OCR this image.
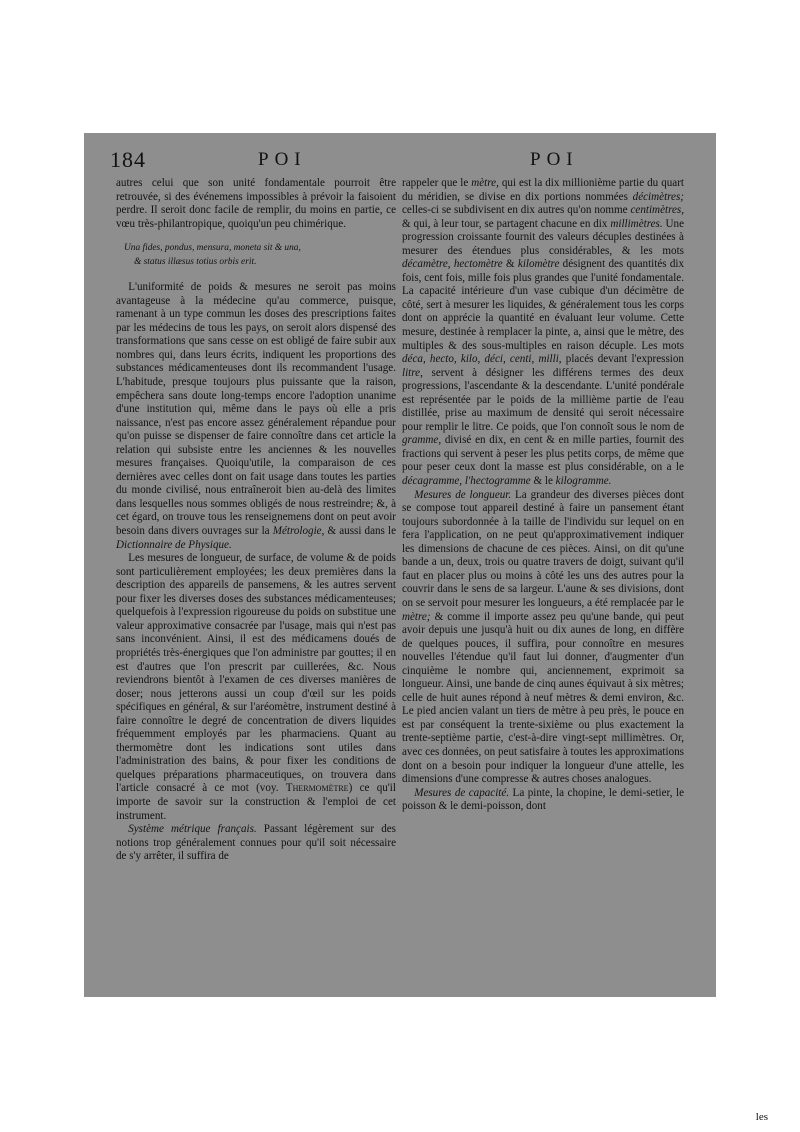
184	POI	POI

autres celui que son unité fondamentale pourroit être retrouvée, si des événemens impossibles à prévoir la faisoient perdre. Il seroit donc facile de remplir, du moins en partie, ce vœu très-philantropique, quoiqu'un peu chimérique.

Una fides, pondus, mensura, moneta sit & una,
& status illæsus totius orbis erit.

L'uniformité de poids & mesures ne seroit pas moins avantageuse à la médecine qu'au commerce, puisque, ramenant à un type commun les doses des prescriptions faites par les médecins de tous les pays, on seroit alors dispensé des transformations que sans cesse on est obligé de faire subir aux nombres qui, dans leurs écrits, indiquent les proportions des substances médicamenteuses dont ils recommandent l'usage. L'habitude, presque toujours plus puissante que la raison, empêchera sans doute long-temps encore l'adoption unanime d'une institution qui, même dans le pays où elle a pris naissance, n'est pas encore assez généralement répandue pour qu'on puisse se dispenser de faire connoître dans cet article la relation qui subsiste entre les anciennes & les nouvelles mesures françaises. Quoiqu'utile, la comparaison de ces dernières avec celles dont on fait usage dans toutes les parties du monde civilisé, nous entraîneroit bien au-delà des limites dans lesquelles nous sommes obligés de nous restreindre; &, à cet égard, on trouve tous les renseignemens dont on peut avoir besoin dans divers ouvrages sur la Métrologie, & aussi dans le Dictionnaire de Physique.

Les mesures de longueur, de surface, de volume & de poids sont particulièrement employées; les deux premières dans la description des appareils de pansemens, & les autres servent pour fixer les diverses doses des substances médicamenteuses; quelquefois à l'expression rigoureuse du poids on substitue une valeur approximative consacrée par l'usage, mais qui n'est pas sans inconvénient. Ainsi, il est des médicamens doués de propriétés très-énergiques que l'on administre par gouttes; il en est d'autres que l'on prescrit par cuillerées, &c. Nous reviendrons bientôt à l'examen de ces diverses manières de doser; nous jetterons aussi un coup d'œil sur les poids spécifiques en général, & sur l'aréomètre, instrument destiné à faire connoître le degré de concentration de divers liquides fréquemment employés par les pharmaciens. Quant au thermomètre dont les indications sont utiles dans l'administration des bains, & pour fixer les conditions de quelques préparations pharmaceutiques, on trouvera dans l'article consacré à ce mot (voy. Thermomètre) ce qu'il importe de savoir sur la construction & l'emploi de cet instrument.

Système métrique français. Passant légèrement sur des notions trop généralement connues pour qu'il soit nécessaire de s'y arrêter, il suffira de

rappeler que le mètre, qui est la dix millionième partie du quart du méridien, se divise en dix portions nommées décimètres; celles-ci se subdivisent en dix autres qu'on nomme centimètres, & qui, à leur tour, se partagent chacune en dix millimètres. Une progression croissante fournit des valeurs décuples destinées à mesurer des étendues plus considérables, & les mots décamètre, hectomètre & kilomètre désignent des quantités dix fois, cent fois, mille fois plus grandes que l'unité fondamentale. La capacité intérieure d'un vase cubique d'un décimètre de côté, sert à mesurer les liquides, & généralement tous les corps dont on apprécie la quantité en évaluant leur volume. Cette mesure, destinée à remplacer la pinte, a, ainsi que le mètre, des multiples & des sous-multiples en raison décuple. Les mots déca, hecto, kilo, déci, centi, milli, placés devant l'expression litre, servent à désigner les différens termes des deux progressions, l'ascendante & la descendante. L'unité pondérale est représentée par le poids de la millième partie de l'eau distillée, prise au maximum de densité qui seroit nécessaire pour remplir le litre. Ce poids, que l'on connoît sous le nom de gramme, divisé en dix, en cent & en mille parties, fournit des fractions qui servent à peser les plus petits corps, de même que pour peser ceux dont la masse est plus considérable, on a le décagramme, l'hectogramme & le kilogramme.

Mesures de longueur. La grandeur des diverses pièces dont se compose tout appareil destiné à faire un pansement étant toujours subordonnée à la taille de l'individu sur lequel on en fera l'application, on ne peut qu'approximativement indiquer les dimensions de chacune de ces pièces. Ainsi, on dit qu'une bande a un, deux, trois ou quatre travers de doigt, suivant qu'il faut en placer plus ou moins à côté les uns des autres pour la couvrir dans le sens de sa largeur. L'aune & ses divisions, dont on se servoit pour mesurer les longueurs, a été remplacée par le mètre; & comme il importe assez peu qu'une bande, qui peut avoir depuis une jusqu'à huit ou dix aunes de long, en diffère de quelques pouces, il suffira, pour connoître en mesures nouvelles l'étendue qu'il faut lui donner, d'augmenter d'un cinquième le nombre qui, anciennement, exprimoit sa longueur. Ainsi, une bande de cinq aunes équivaut à six mètres; celle de huit aunes répond à neuf mètres & demi environ, &c. Le pied ancien valant un tiers de mètre à peu près, le pouce en est par conséquent la trente-sixième ou plus exactement la trente-septième partie, c'est-à-dire vingt-sept millimètres. Or, avec ces données, on peut satisfaire à toutes les approximations dont on a besoin pour indiquer la longueur d'une attelle, les dimensions d'une compresse & autres choses analogues.

Mesures de capacité. La pinte, la chopine, le demi-setier, le poisson & le demi-poisson, dont

les
